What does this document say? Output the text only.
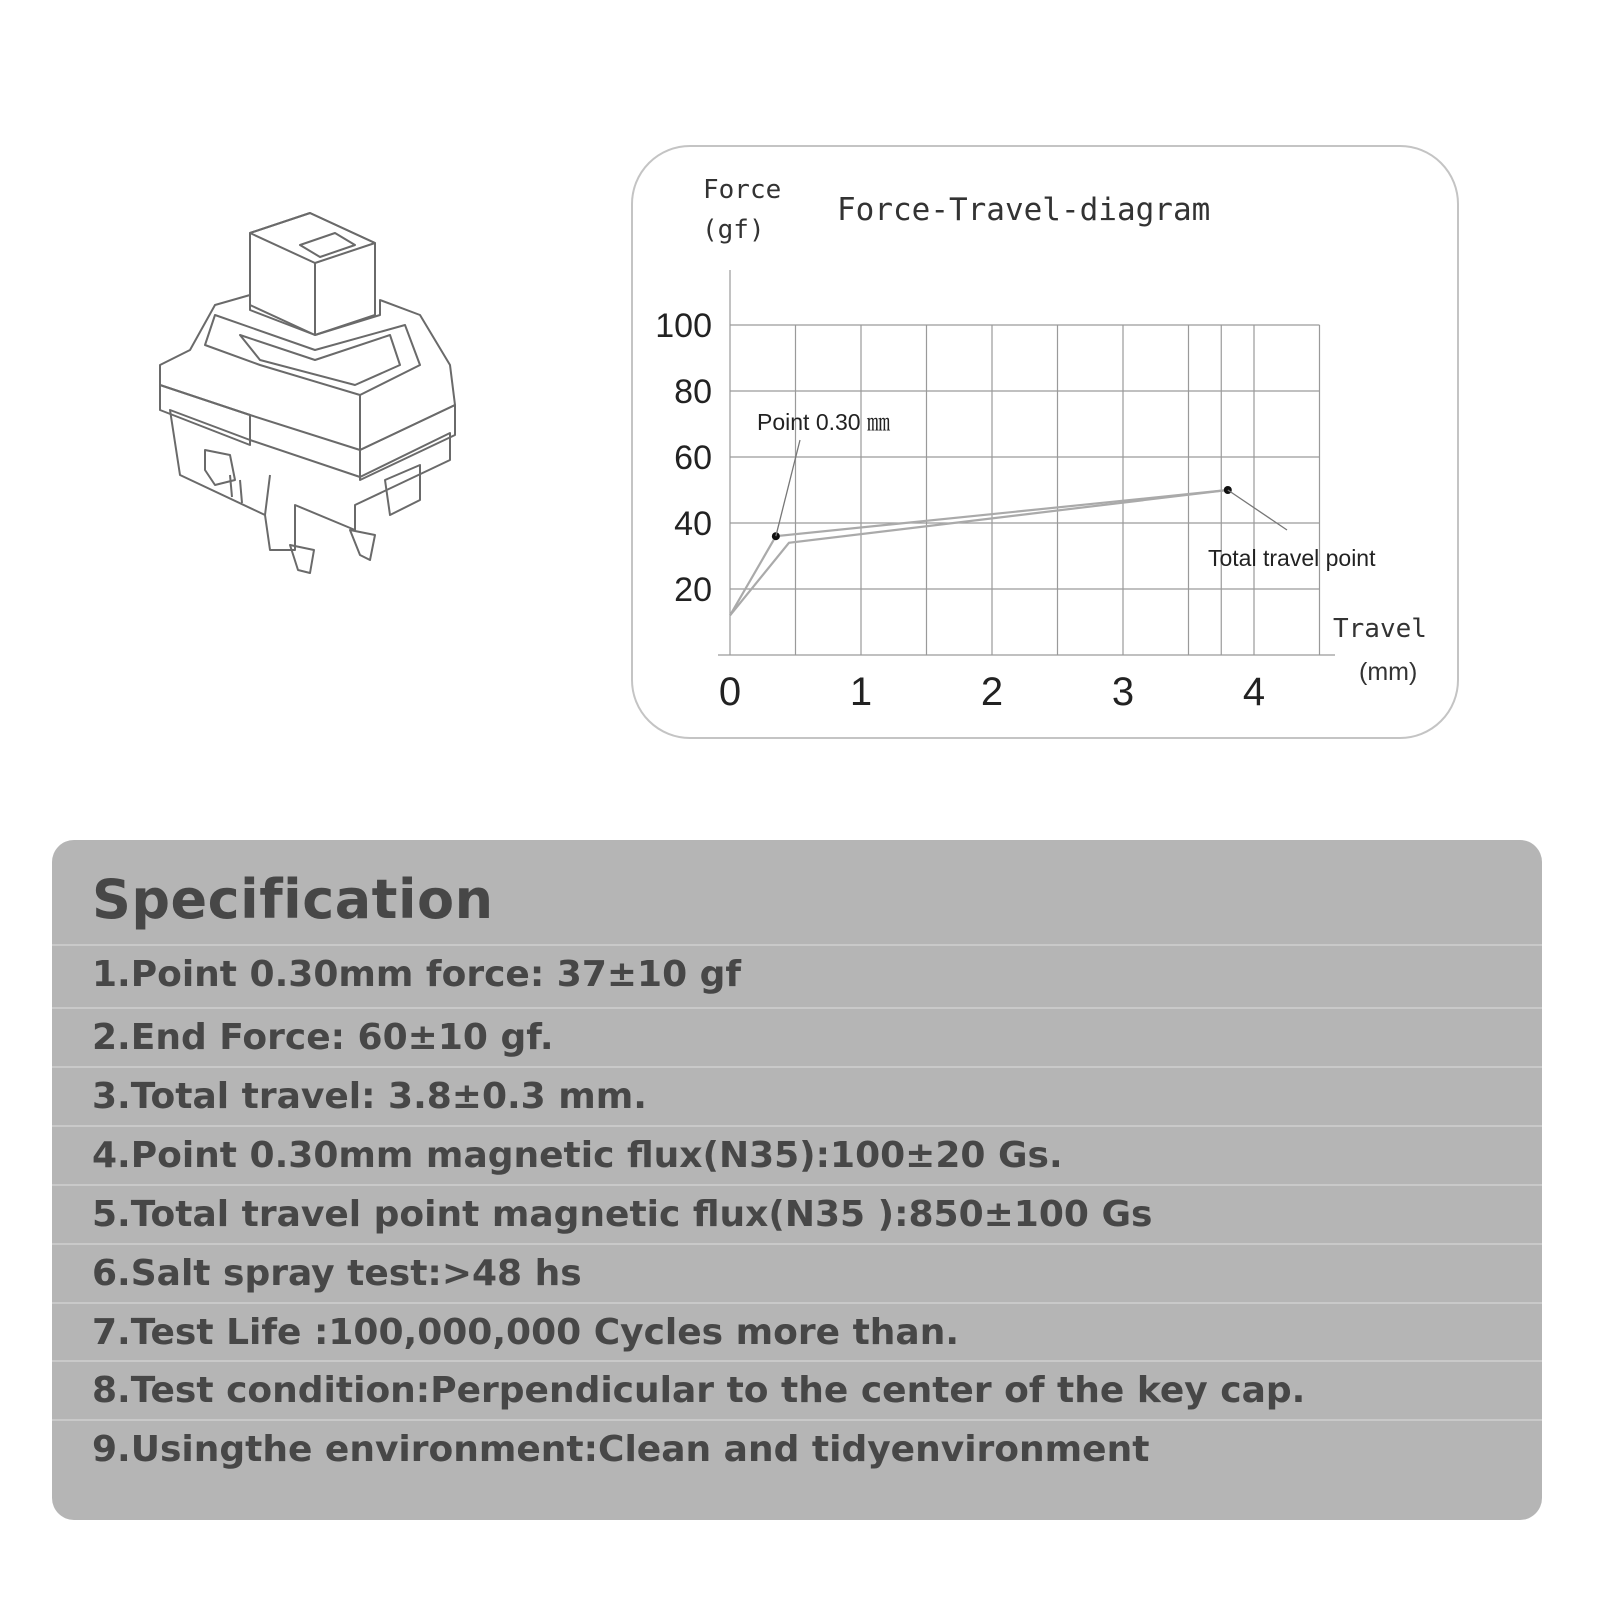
Force-Travel-diagram
Force
(gf)
Travel
(mm)
100
80
60
40
20
0	1	2	3	4
Point 0.30 ㎜
Total travel point
Specification
1.Point 0.30mm force: 37±10 gf
2.End Force: 60±10 gf.
3.Total travel: 3.8±0.3 mm.
4.Point 0.30mm magnetic flux(N35):100±20 Gs.
5.Total travel point magnetic flux(N35 ):850±100 Gs
6.Salt spray test:>48 hs
7.Test Life :100,000,000 Cycles more than.
8.Test condition:Perpendicular to the center of the key cap.
9.Usingthe environment:Clean and tidyenvironment
